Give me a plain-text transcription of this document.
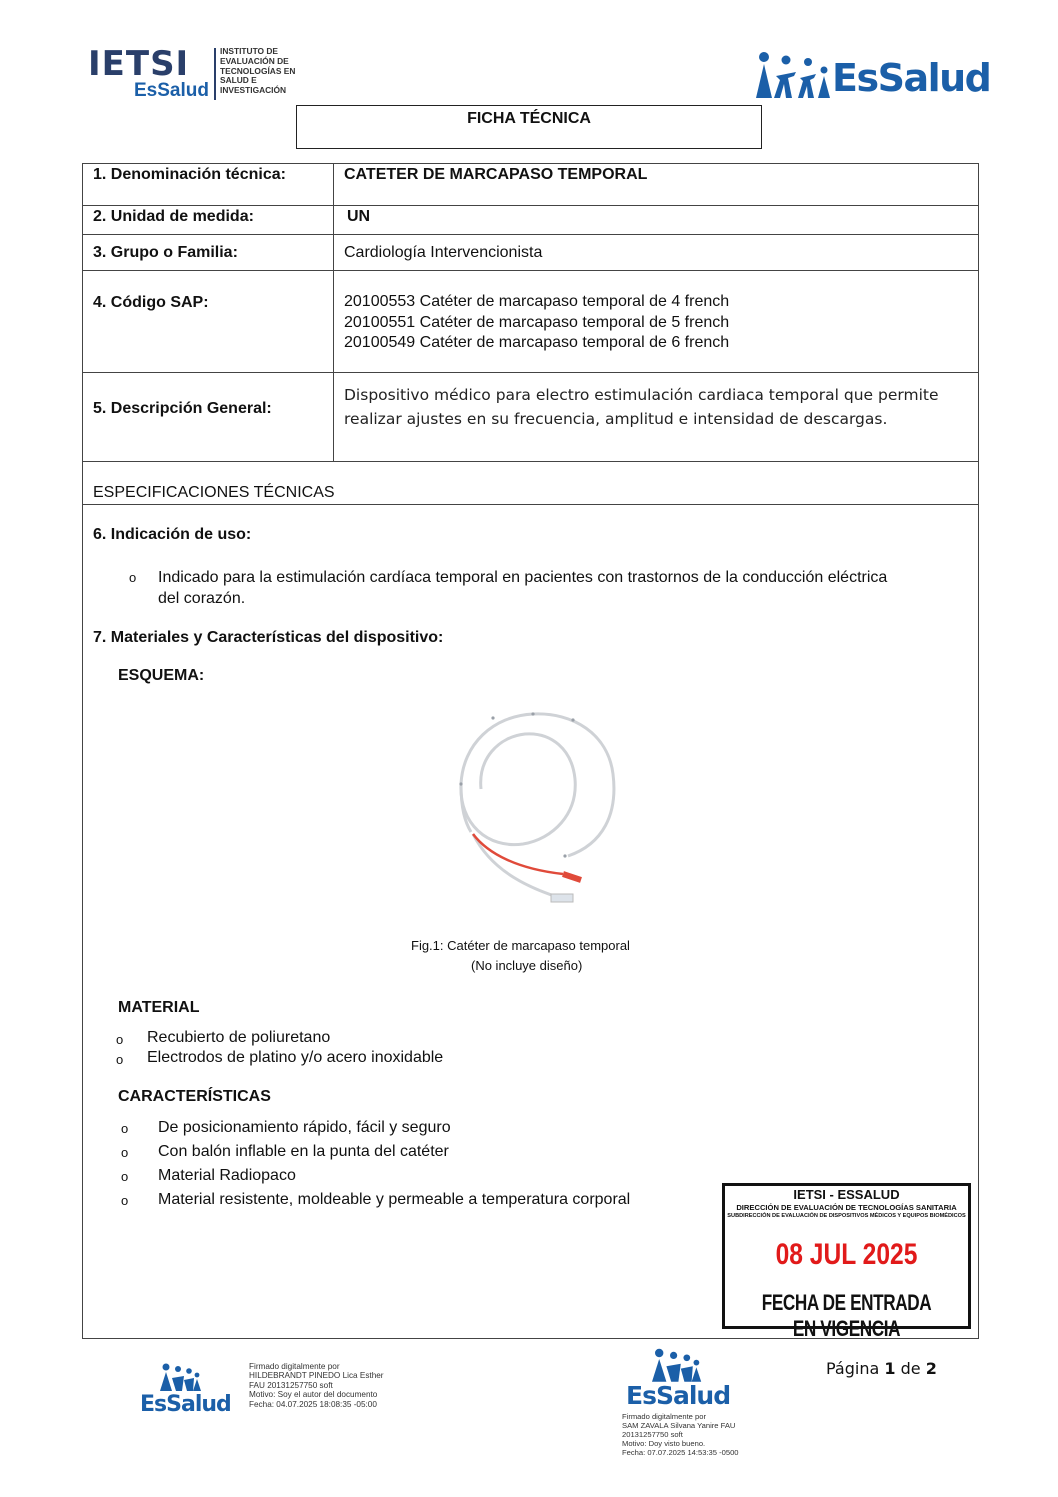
IETSI
EsSalud
INSTITUTO DE EVALUACIÓN DE TECNOLOGÍAS EN SALUD E INVESTIGACIÓN	EsSalud
FICHA TÉCNICA
1. Denominación técnica:	CATETER DE MARCAPASO TEMPORAL
2. Unidad de medida:	UN
3. Grupo o Familia:	Cardiología Intervencionista
4. Código SAP:	20100553 Catéter de marcapaso temporal de 4 french
20100551 Catéter de marcapaso temporal de 5 french
20100549 Catéter de marcapaso temporal de 6 french
5. Descripción General:
Dispositivo médico para electro estimulación cardiaca temporal que permite
realizar ajustes en su frecuencia, amplitud e intensidad de descargas.
ESPECIFICACIONES TÉCNICAS
6. Indicación de uso:
o Indicado para la estimulación cardíaca temporal en pacientes con trastornos de la conducción eléctrica
del corazón.
7. Materiales y Características del dispositivo:
ESQUEMA:
Fig.1: Catéter de marcapaso temporal
(No incluye diseño)
MATERIAL
o Recubierto de poliuretano
o Electrodos de platino y/o acero inoxidable
CARACTERÍSTICAS
o De posicionamiento rápido, fácil y seguro
o Con balón inflable en la punta del catéter
o Material Radiopaco
o Material resistente, moldeable y permeable a temperatura corporal	IETSI - ESSALUD
DIRECCIÓN DE EVALUACIÓN DE TECNOLOGÍAS SANITARIA
SUBDIRECCIÓN DE EVALUACIÓN DE DISPOSITIVOS MÉDICOS Y EQUIPOS BIOMÉDICOS
08 JUL 2025
FECHA DE ENTRADA EN VIGENCIA
EsSalud
Firmado digitalmente por
HILDEBRANDT PINEDO Lica Esther
FAU 20131257750 soft
Motivo: Soy el autor del documento
Fecha: 04.07.2025 18:08:35 -05:00	EsSalud
Firmado digitalmente por
SAM ZAVALA Silvana Yanire FAU
20131257750 soft
Motivo: Doy visto bueno.
Fecha: 07.07.2025 14:53:35 -0500
Página 1 de 2
